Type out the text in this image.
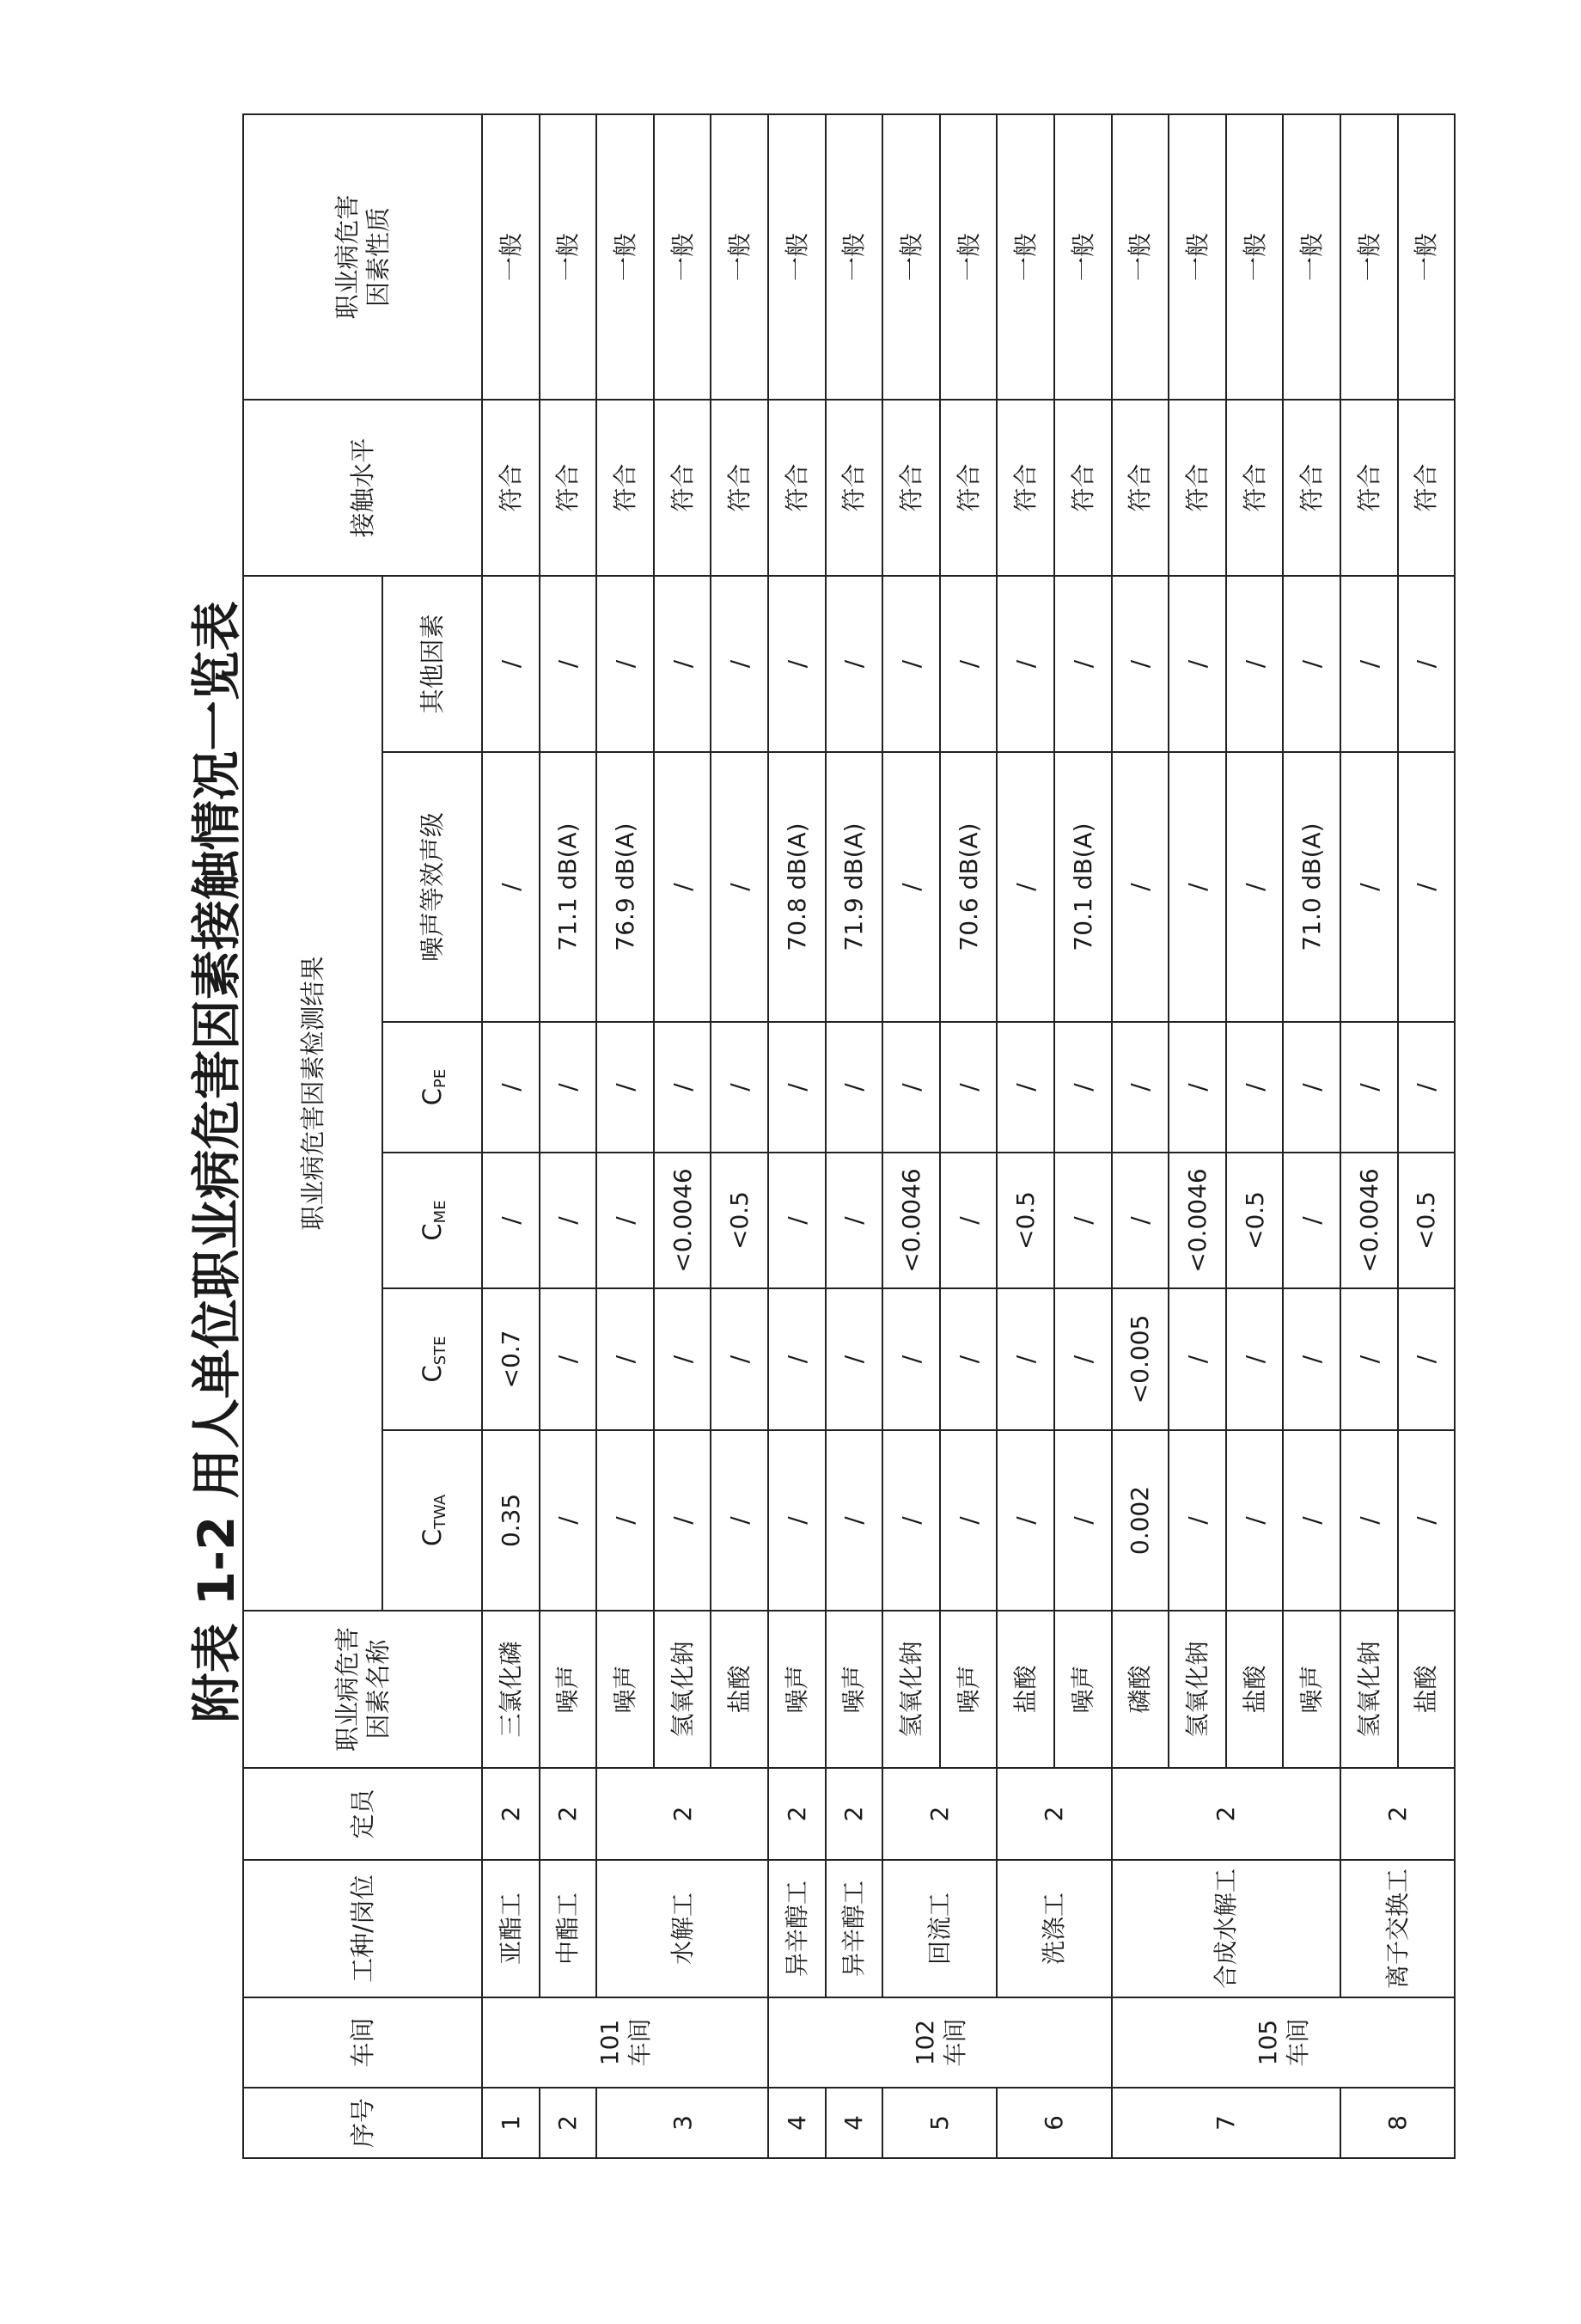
附表 1-2 用人单位职业病危害因素接触情况一览表
序号	车间	工种/岗位	定员	职业病危害 因素名称	职业病危害因素检测结果						接触水平	职业病危害 因素性质

					$C_{TWA}$	$C_{STE}$	$C_{ME}$	$C_{PE}$	噪声等效声级	其他因素		
1	101 车间	亚酯工	2	三氯化磷	0.35	<0.7	/	/	/	/	符合	一般
2		中酯工	2	噪声	/	/	/	/	71.1 dB(A)	/	符合	一般
3		水解工	2	噪声	/	/	/	/	76.9 dB(A)	/	符合	一般
				氢氧化钠	/	/	<0.0046	/	/	/	符合	一般
				盐酸	/	/	<0.5	/	/	/	符合	一般
4	102 车间	异辛醇工	2	噪声	/	/	/	/	70.8 dB(A)	/	符合	一般
4		异辛醇工	2	噪声	/	/	/	/	71.9 dB(A)	/	符合	一般
5		回流工	2	氢氧化钠	/	/	<0.0046	/	/	/	符合	一般
				噪声	/	/	/	/	70.6 dB(A)	/	符合	一般
6		洗涤工	2	盐酸	/	/	<0.5	/	/	/	符合	一般
				噪声	/	/	/	/	70.1 dB(A)	/	符合	一般
7	105 车间	合成水解工	2	磷酸	0.002	<0.005	/	/	/	/	符合	一般
				氢氧化钠	/	/	<0.0046	/	/	/	符合	一般
				盐酸	/	/	<0.5	/	/	/	符合	一般
				噪声	/	/	/	/	71.0 dB(A)	/	符合	一般
8		离子交换工	2	氢氧化钠	/	/	<0.0046	/	/	/	符合	一般
				盐酸	/	/	<0.5	/	/	/	符合	一般
